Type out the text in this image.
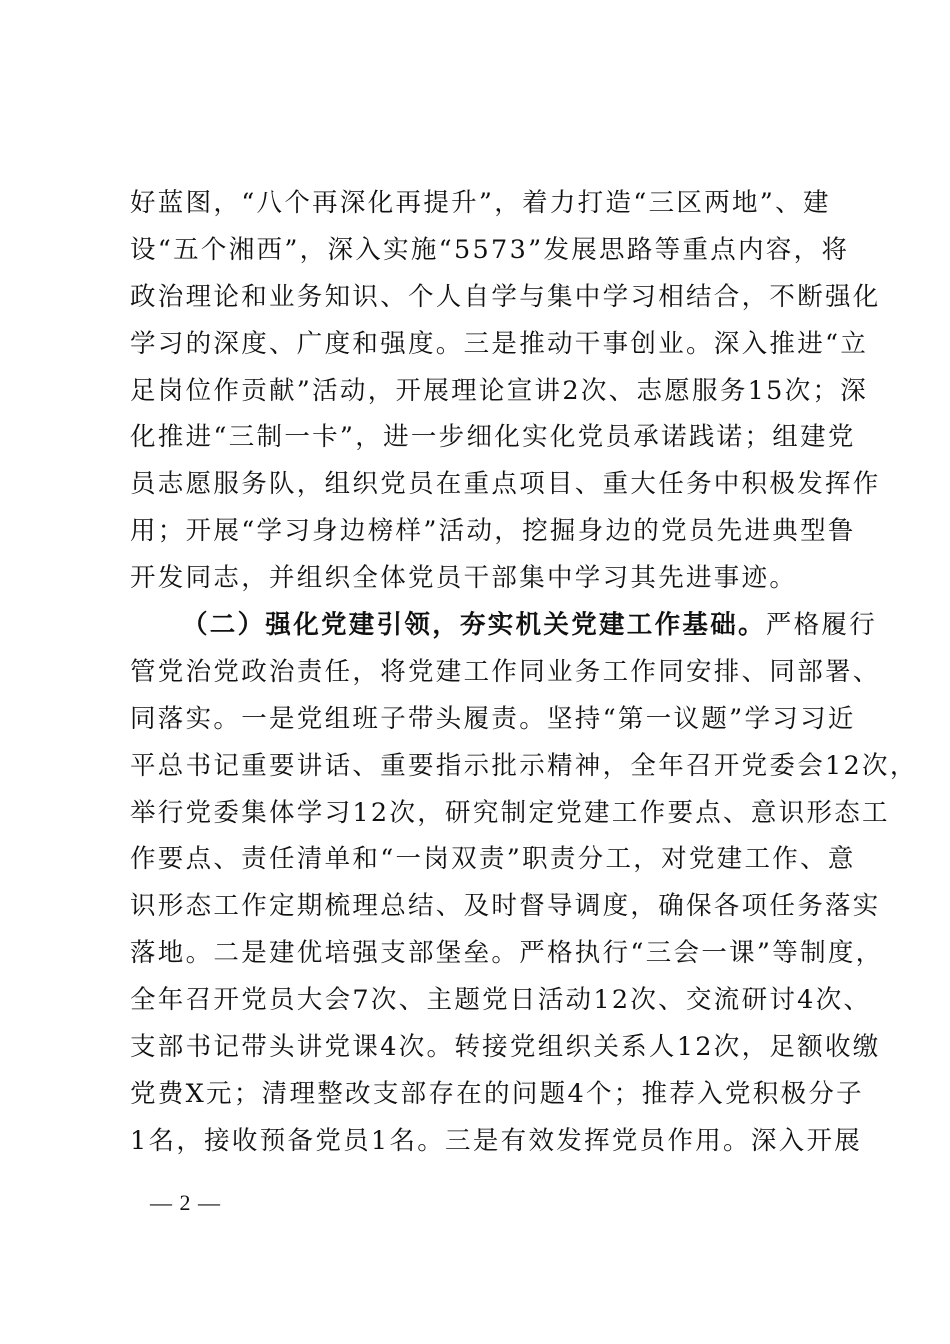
好蓝图，“八个再深化再提升”，着力打造“三区两地”、建
设“五个湘西”，深入实施“5573”发展思路等重点内容，将
政治理论和业务知识、个人自学与集中学习相结合，不断强化
学习的深度、广度和强度。三是推动干事创业。深入推进“立
足岗位作贡献”活动，开展理论宣讲2次、志愿服务15次；深
化推进“三制一卡”，进一步细化实化党员承诺践诺；组建党
员志愿服务队，组织党员在重点项目、重大任务中积极发挥作
用；开展“学习身边榜样”活动，挖掘身边的党员先进典型鲁
开发同志，并组织全体党员干部集中学习其先进事迹。
（二）强化党建引领，夯实机关党建工作基础。严格履行
管党治党政治责任，将党建工作同业务工作同安排、同部署、
同落实。一是党组班子带头履责。坚持“第一议题”学习习近
平总书记重要讲话、重要指示批示精神，全年召开党委会12次，
举行党委集体学习12次，研究制定党建工作要点、意识形态工
作要点、责任清单和“一岗双责”职责分工，对党建工作、意
识形态工作定期梳理总结、及时督导调度，确保各项任务落实
落地。二是建优培强支部堡垒。严格执行“三会一课”等制度，
全年召开党员大会7次、主题党日活动12次、交流研讨4次、
支部书记带头讲党课4次。转接党组织关系人12次，足额收缴
党费X元；清理整改支部存在的问题4个；推荐入党积极分子
1名，接收预备党员1名。三是有效发挥党员作用。深入开展
— 2 —
